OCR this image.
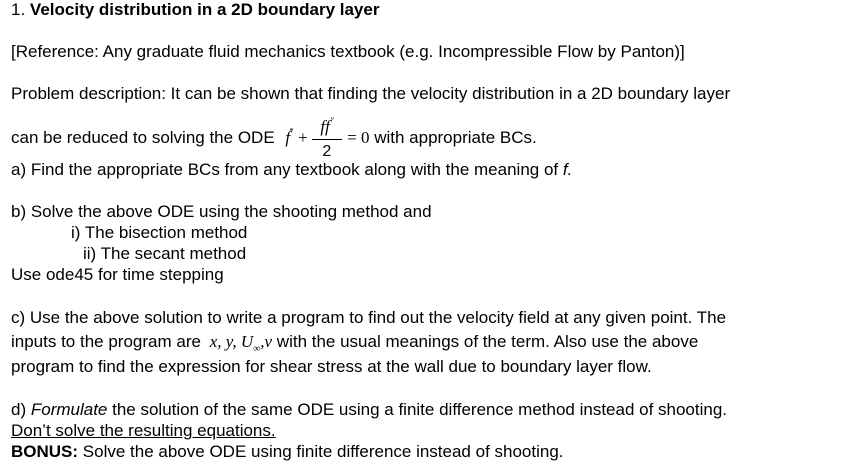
1. Velocity distribution in a 2D boundary layer
[Reference: Any graduate fluid mechanics textbook (e.g. Incompressible Flow by Panton)]
Problem description: It can be shown that finding the velocity distribution in a 2D boundary layer
can be reduced to solving the ODE $f^‴ + \frac{ff''}{2} = 0$ with appropriate BCs.
a) Find the appropriate BCs from any textbook along with the meaning of f.
b) Solve the above ODE using the shooting method and
i) The bisection method
ii) The secant method
Use ode45 for time stepping
c) Use the above solution to write a program to find out the velocity field at any given point. The
inputs to the program are x, y, $U_\infty,\nu$ with the usual meanings of the term. Also use the above
program to find the expression for shear stress at the wall due to boundary layer flow.
d) Formulate the solution of the same ODE using a finite difference method instead of shooting.
Don’t solve the resulting equations.
BONUS: Solve the above ODE using finite difference instead of shooting.
